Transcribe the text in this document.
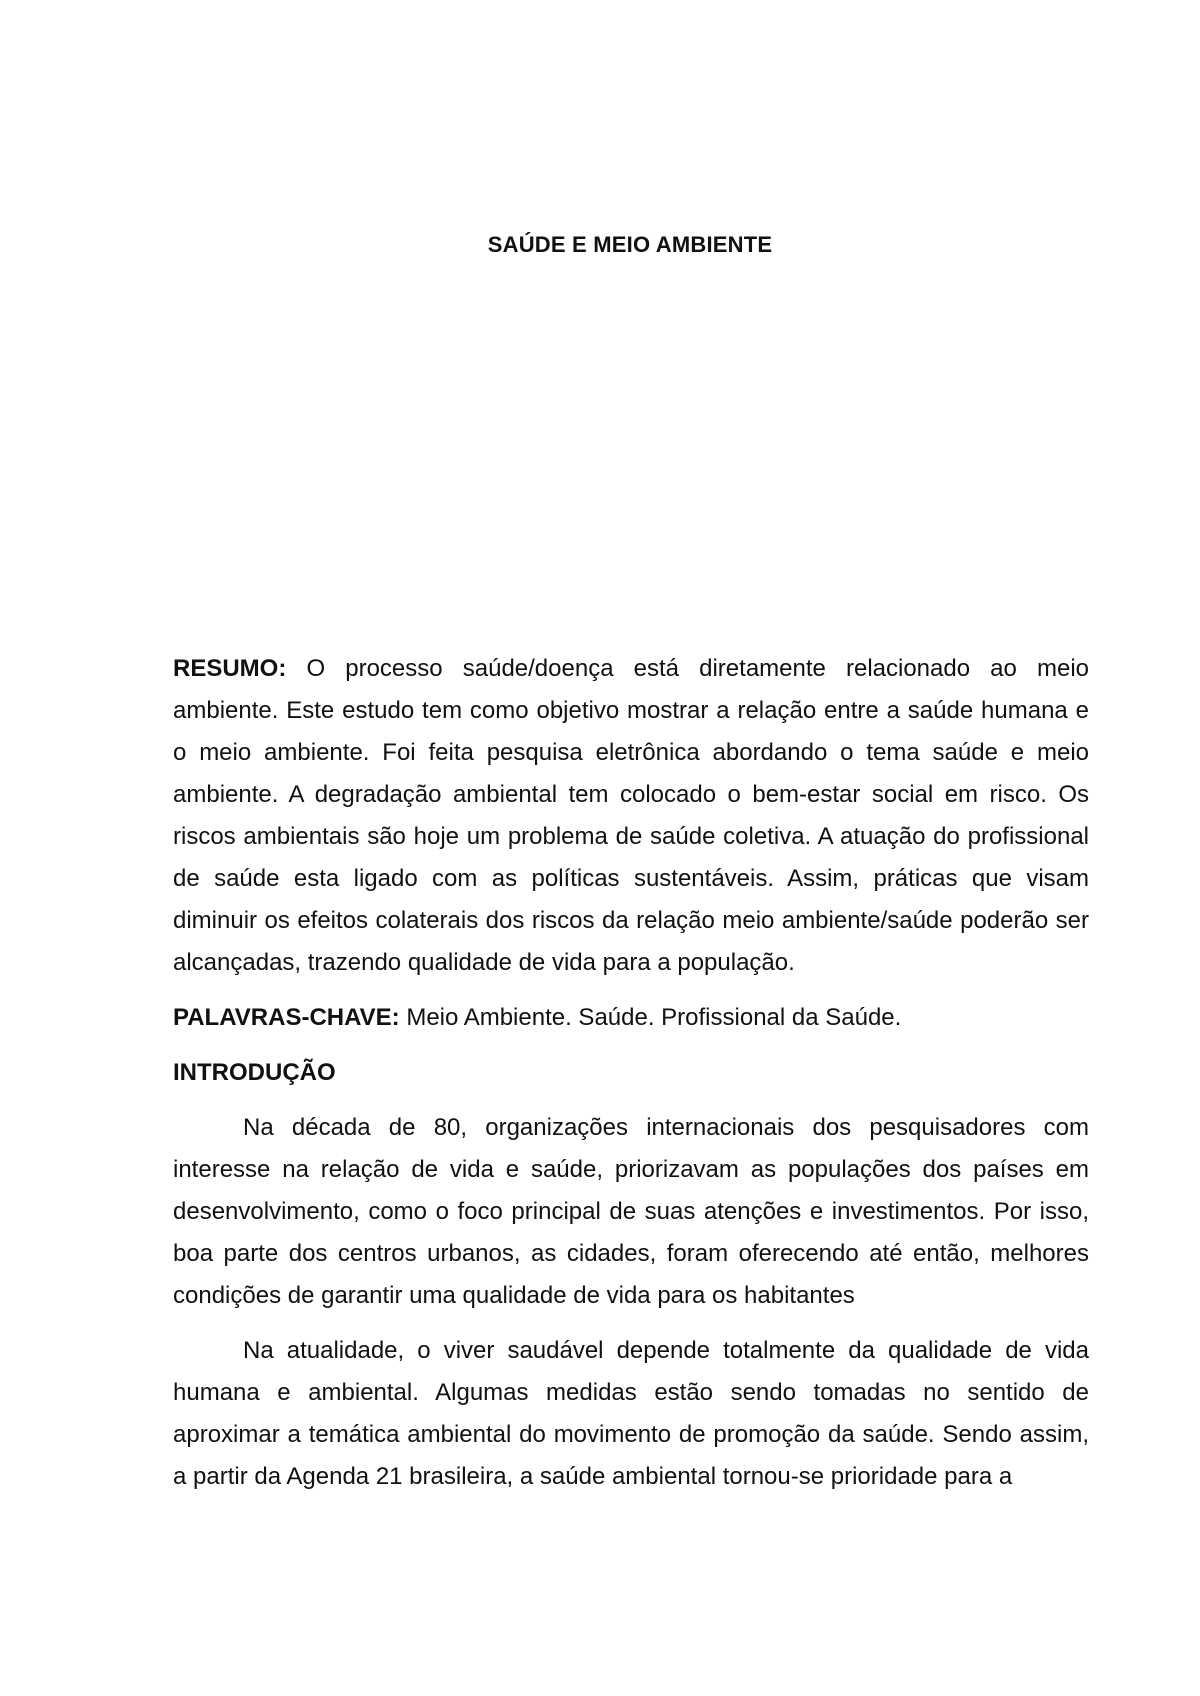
SAÚDE E MEIO AMBIENTE

RESUMO: O processo saúde/doença está diretamente relacionado ao meio ambiente. Este estudo tem como objetivo mostrar a relação entre a saúde humana e o meio ambiente. Foi feita pesquisa eletrônica abordando o tema saúde e meio ambiente. A degradação ambiental tem colocado o bem-estar social em risco. Os riscos ambientais são hoje um problema de saúde coletiva. A atuação do profissional de saúde esta ligado com as políticas sustentáveis. Assim, práticas que visam diminuir os efeitos colaterais dos riscos da relação meio ambiente/saúde poderão ser alcançadas, trazendo qualidade de vida para a população.

PALAVRAS-CHAVE: Meio Ambiente. Saúde. Profissional da Saúde.

INTRODUÇÃO

Na década de 80, organizações internacionais dos pesquisadores com interesse na relação de vida e saúde, priorizavam as populações dos países em desenvolvimento, como o foco principal de suas atenções e investimentos. Por isso, boa parte dos centros urbanos, as cidades, foram oferecendo até então, melhores condições de garantir uma qualidade de vida para os habitantes

Na atualidade, o viver saudável depende totalmente da qualidade de vida humana e ambiental. Algumas medidas estão sendo tomadas no sentido de aproximar a temática ambiental do movimento de promoção da saúde. Sendo assim, a partir da Agenda 21 brasileira, a saúde ambiental tornou-se prioridade para a
